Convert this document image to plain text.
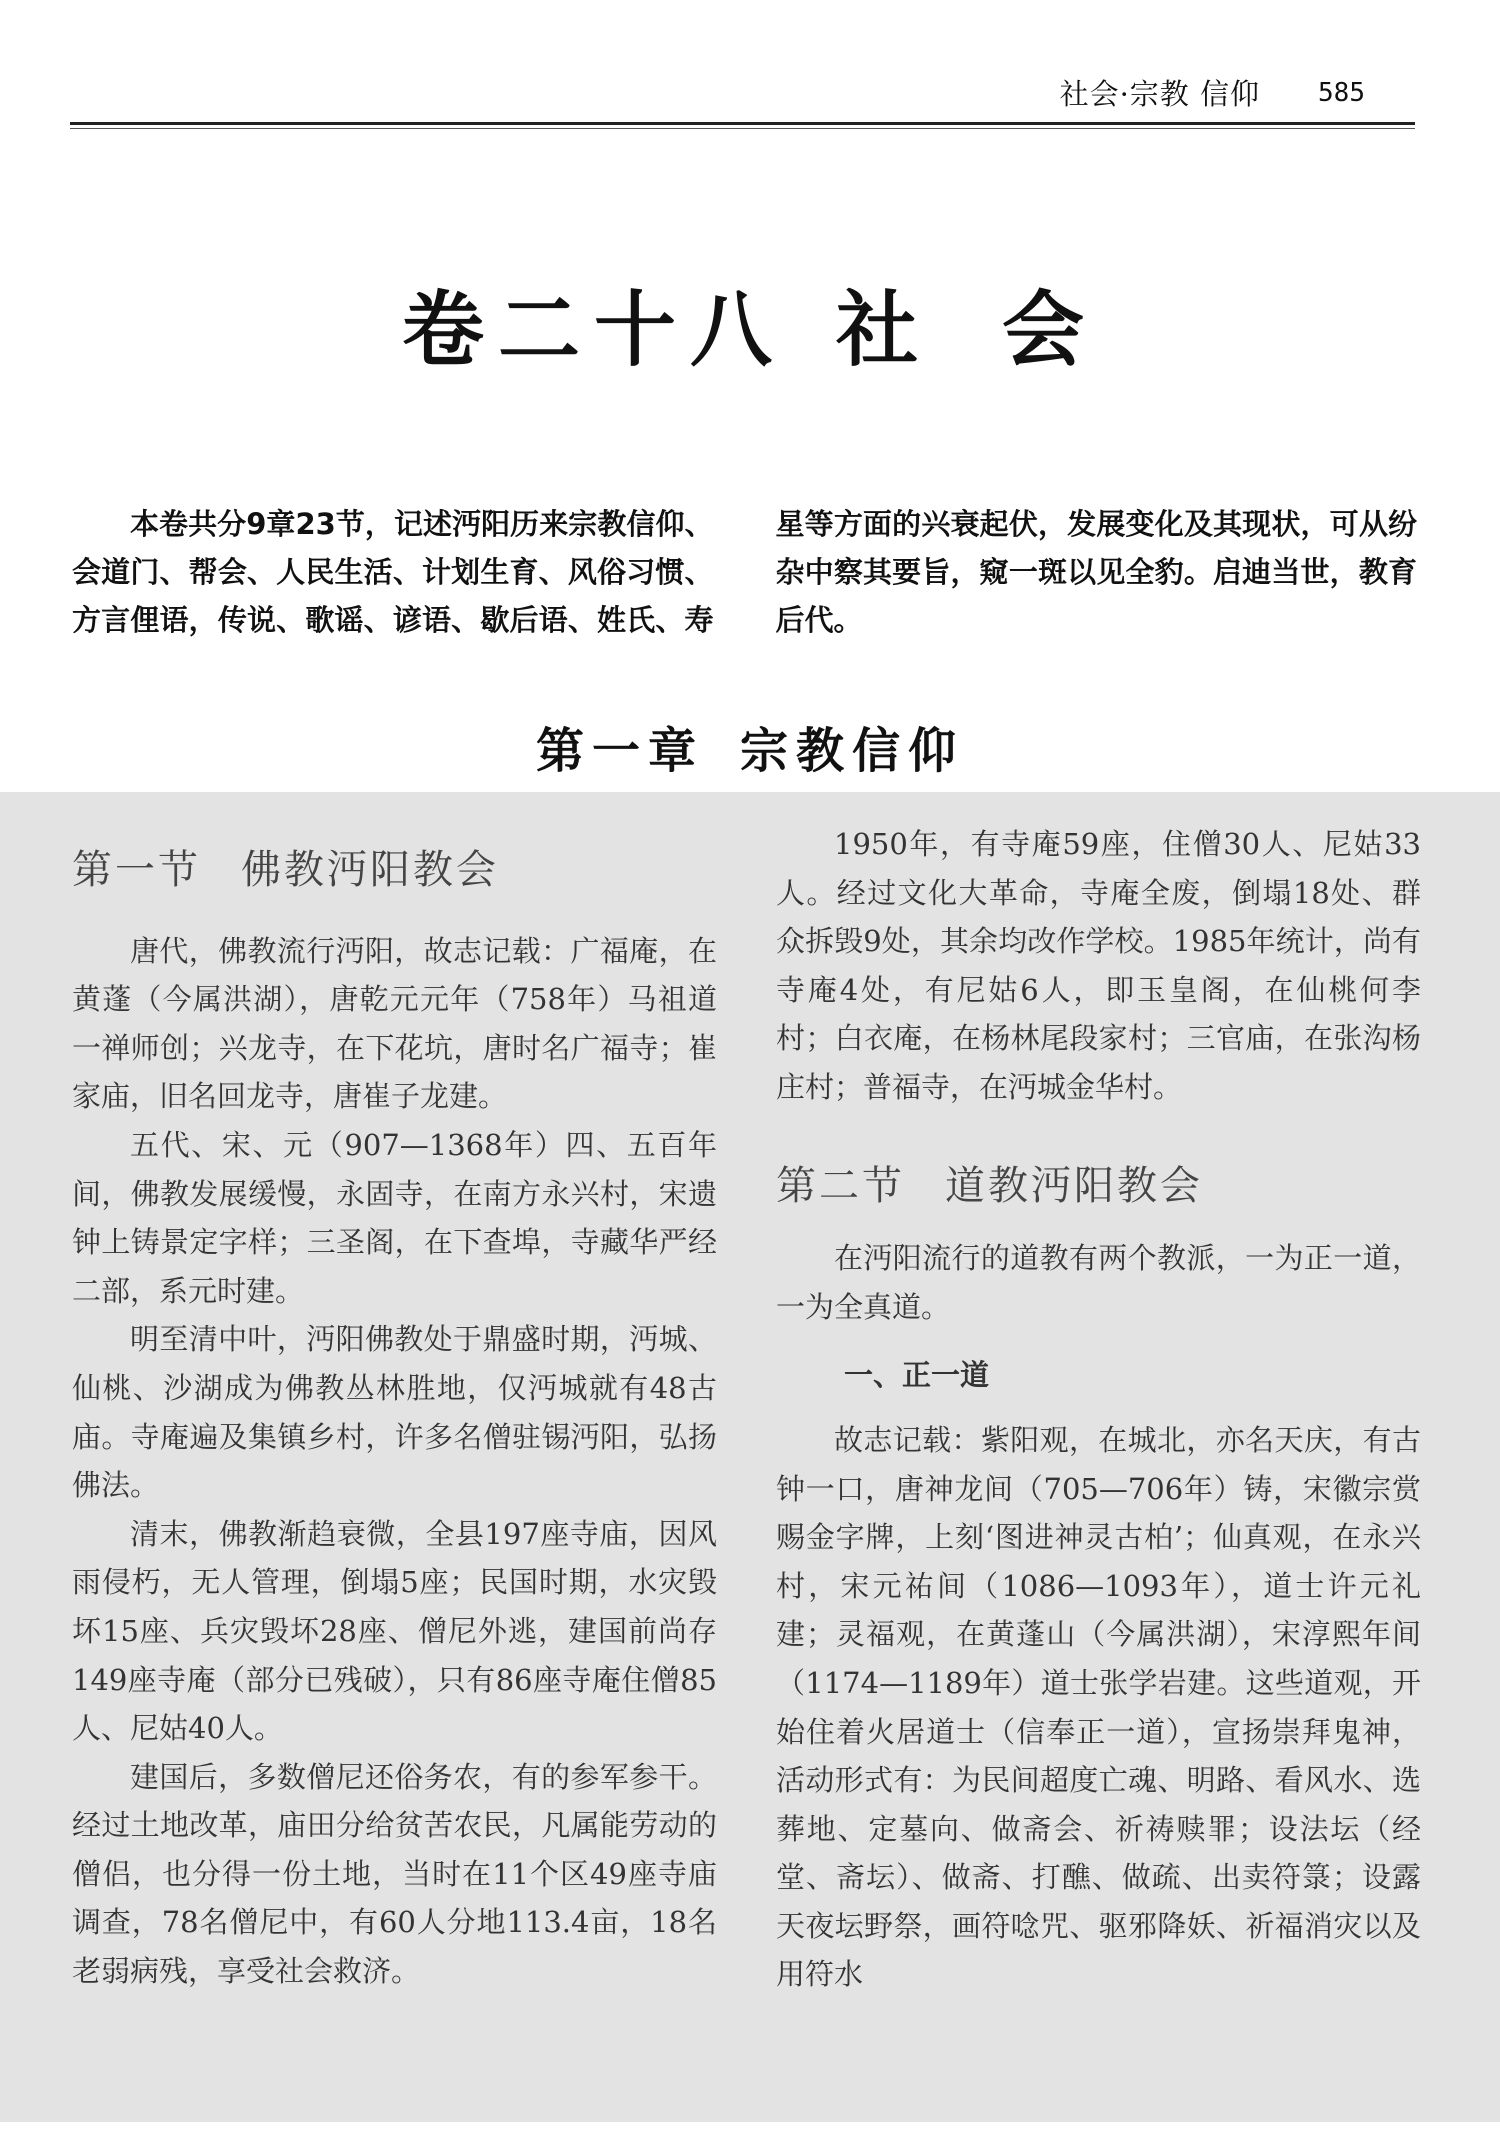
社会·宗教 信仰 585
卷二十八 社 会
本卷共分9章23节，记述沔阳历来宗教信仰、会道门、帮会、人民生活、计划生育、风俗习惯、方言俚语，传说、歌谣、谚语、歇后语、姓氏、寿星等方面的兴衰起伏，发展变化及其现状，可从纷杂中察其要旨，窥一斑以见全豹。启迪当世，教育后代。
第一章 宗教信仰
第一节 佛教沔阳教会

唐代，佛教流行沔阳，故志记载：广福庵，在黄蓬（今属洪湖），唐乾元元年（758年）马祖道一禅师创；兴龙寺，在下花坑，唐时名广福寺；崔家庙，旧名回龙寺，唐崔子龙建。

五代、宋、元（907—1368年）四、五百年间，佛教发展缓慢，永固寺，在南方永兴村，宋遗钟上铸景定字样；三圣阁，在下查埠，寺藏华严经二部，系元时建。

明至清中叶，沔阳佛教处于鼎盛时期，沔城、仙桃、沙湖成为佛教丛林胜地，仅沔城就有48古庙。寺庵遍及集镇乡村，许多名僧驻锡沔阳，弘扬佛法。

清末，佛教渐趋衰微，全县197座寺庙，因风雨侵朽，无人管理，倒塌5座；民国时期，水灾毁坏15座、兵灾毁坏28座、僧尼外逃，建国前尚存149座寺庵（部分已残破），只有86座寺庵住僧85人、尼姑40人。

建国后，多数僧尼还俗务农，有的参军参干。经过土地改革，庙田分给贫苦农民，凡属能劳动的僧侣，也分得一份土地，当时在11个区49座寺庙调查，78名僧尼中，有60人分地113.4亩，18名老弱病残，享受社会救济。

1950年，有寺庵59座，住僧30人、尼姑33人。经过文化大革命，寺庵全废，倒塌18处、群众拆毁9处，其余均改作学校。1985年统计，尚有寺庵4处，有尼姑6人，即玉皇阁，在仙桃何李村；白衣庵，在杨林尾段家村；三官庙，在张沟杨庄村；普福寺，在沔城金华村。

第二节 道教沔阳教会

在沔阳流行的道教有两个教派，一为正一道，一为全真道。

一、正一道

故志记载：紫阳观，在城北，亦名天庆，有古钟一口，唐神龙间（705—706年）铸，宋徽宗赏赐金字牌，上刻‘图进神灵古柏’；仙真观，在永兴村，宋元祐间（1086—1093年），道士许元礼建；灵福观，在黄蓬山（今属洪湖），宋淳熙年间（1174—1189年）道士张学岩建。这些道观，开始住着火居道士（信奉正一道），宣扬崇拜鬼神，活动形式有：为民间超度亡魂、明路、看风水、选葬地、定墓向、做斋会、祈祷赎罪；设法坛（经堂、斋坛）、做斋、打醮、做疏、出卖符箓；设露天夜坛野祭，画符唸咒、驱邪降妖、祈福消灾以及用符水
